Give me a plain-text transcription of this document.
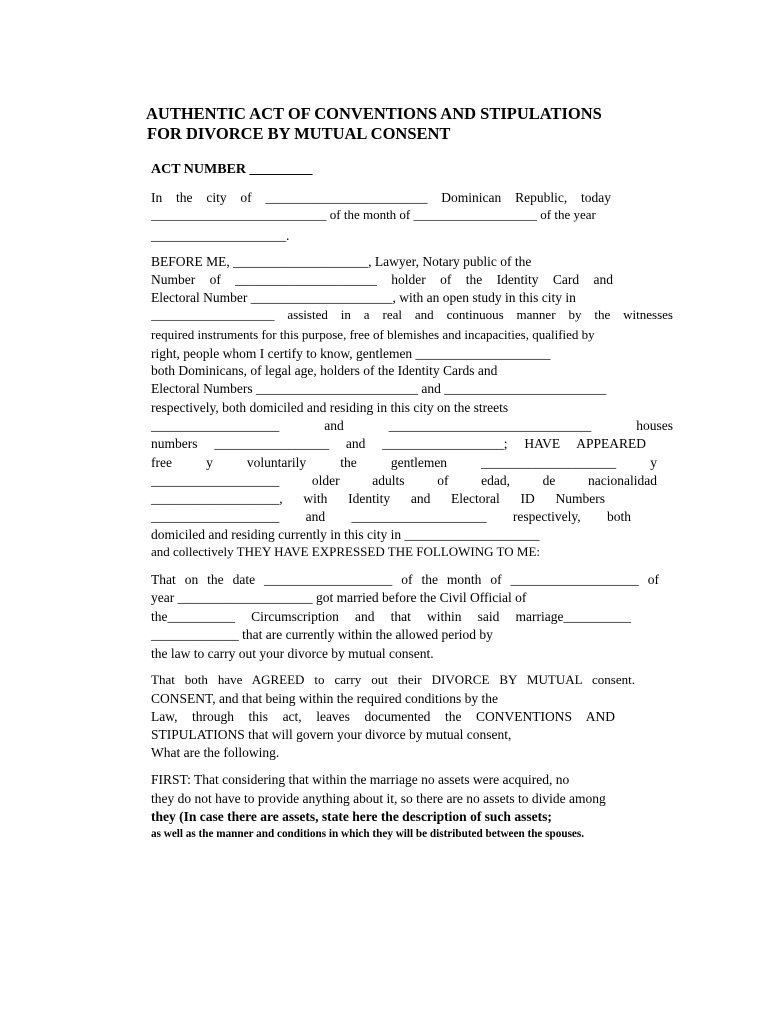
AUTHENTIC ACT OF CONVENTIONS AND STIPULATIONS
FOR DIVORCE BY MUTUAL CONSENT
ACT NUMBER _________
In the city of ________________________ Dominican Republic, today
___________________________ of the month of ___________________ of the year
____________________.
BEFORE ME, ____________________, Lawyer, Notary public of the
Number of _____________________ holder of the Identity Card and
Electoral Number _____________________, with an open study in this city in
___________________ assisted in a real and continuous manner by the witnesses
required instruments for this purpose, free of blemishes and incapacities, qualified by
right, people whom I certify to know, gentlemen ____________________
both Dominicans, of legal age, holders of the Identity Cards and
Electoral Numbers ________________________ and ________________________
respectively, both domiciled and residing in this city on the streets
___________________ and ______________________________ houses
numbers _________________ and __________________; HAVE APPEARED
free y voluntarily the gentlemen ____________________ y
___________________ older adults of edad, de nacionalidad
___________________, with Identity and Electoral ID Numbers
___________________ and ____________________ respectively, both
domiciled and residing currently in this city in ____________________
and collectively THEY HAVE EXPRESSED THE FOLLOWING TO ME:
That on the date ___________________ of the month of ___________________ of
year ____________________ got married before the Civil Official of
the__________ Circumscription and that within said marriage__________
_____________ that are currently within the allowed period by
the law to carry out your divorce by mutual consent.
That both have AGREED to carry out their DIVORCE BY MUTUAL consent.
CONSENT, and that being within the required conditions by the
Law, through this act, leaves documented the CONVENTIONS AND
STIPULATIONS that will govern your divorce by mutual consent,
What are the following.
FIRST: That considering that within the marriage no assets were acquired, no
they do not have to provide anything about it, so there are no assets to divide among
they (In case there are assets, state here the description of such assets;
as well as the manner and conditions in which they will be distributed between the spouses.
